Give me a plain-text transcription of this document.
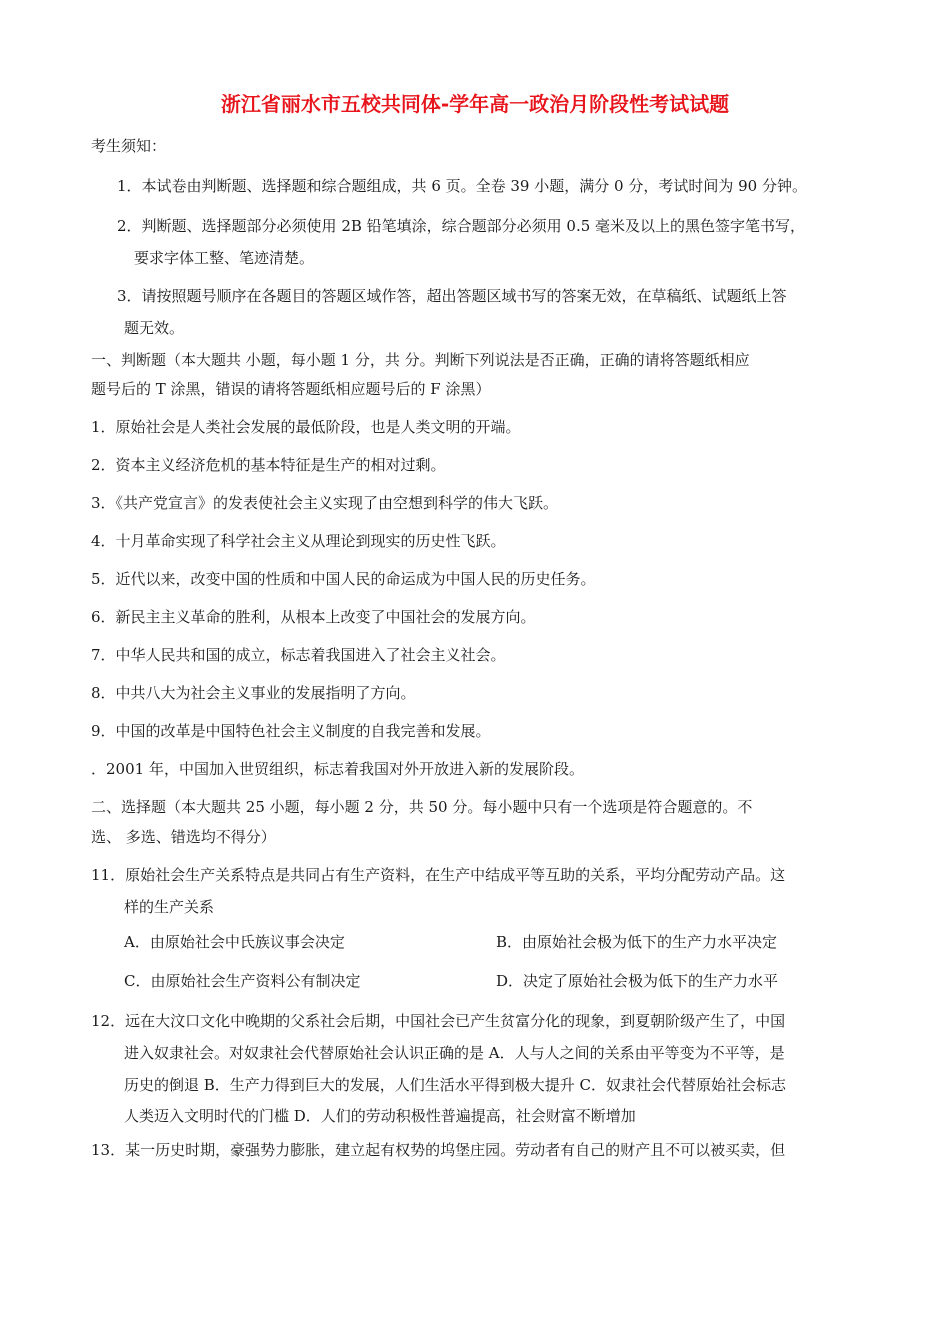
浙江省丽水市五校共同体-学年高一政治月阶段性考试试题
考生须知：
1．本试卷由判断题、选择题和综合题组成，共 6 页。全卷 39 小题，满分 0 分，考试时间为 90 分钟。
2．判断题、选择题部分必须使用 2B 铅笔填涂，综合题部分必须用 0.5 毫米及以上的黑色签字笔书写，
要求字体工整、笔迹清楚。
3．请按照题号顺序在各题目的答题区域作答，超出答题区域书写的答案无效，在草稿纸、试题纸上答
题无效。
一、判断题（本大题共 小题，每小题 1 分，共 分。判断下列说法是否正确，正确的请将答题纸相应
题号后的 T 涂黑，错误的请将答题纸相应题号后的 F 涂黑）
1．原始社会是人类社会发展的最低阶段，也是人类文明的开端。
2．资本主义经济危机的基本特征是生产的相对过剩。
3．《共产党宣言》的发表使社会主义实现了由空想到科学的伟大飞跃。
4．十月革命实现了科学社会主义从理论到现实的历史性飞跃。
5．近代以来，改变中国的性质和中国人民的命运成为中国人民的历史任务。
6．新民主主义革命的胜利，从根本上改变了中国社会的发展方向。
7．中华人民共和国的成立，标志着我国进入了社会主义社会。
8．中共八大为社会主义事业的发展指明了方向。
9．中国的改革是中国特色社会主义制度的自我完善和发展。
．2001 年，中国加入世贸组织，标志着我国对外开放进入新的发展阶段。
二、选择题（本大题共 25 小题，每小题 2 分，共 50 分。每小题中只有一个选项是符合题意的。不
选、 多选、错选均不得分）
11．原始社会生产关系特点是共同占有生产资料，在生产中结成平等互助的关系，平均分配劳动产品。这
样的生产关系
A．由原始社会中氏族议事会决定	B．由原始社会极为低下的生产力水平决定
C．由原始社会生产资料公有制决定	D．决定了原始社会极为低下的生产力水平
12．远在大汶口文化中晚期的父系社会后期，中国社会已产生贫富分化的现象，到夏朝阶级产生了，中国
进入奴隶社会。对奴隶社会代替原始社会认识正确的是 A．人与人之间的关系由平等变为不平等，是
历史的倒退 B．生产力得到巨大的发展，人们生活水平得到极大提升 C．奴隶社会代替原始社会标志
人类迈入文明时代的门槛 D．人们的劳动积极性普遍提高，社会财富不断增加
13．某一历史时期，豪强势力膨胀，建立起有权势的坞堡庄园。劳动者有自己的财产且不可以被买卖，但
